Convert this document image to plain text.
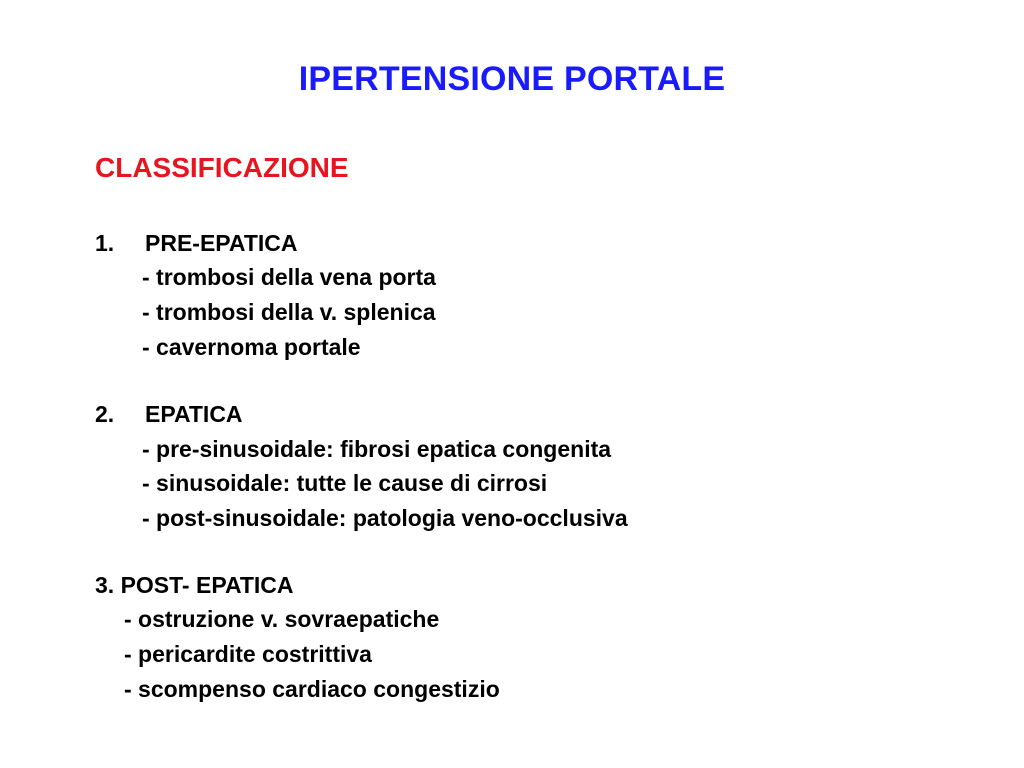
IPERTENSIONE PORTALE
CLASSIFICAZIONE
1. PRE-EPATICA
- trombosi della vena porta
- trombosi della v. splenica
- cavernoma portale
2. EPATICA
- pre-sinusoidale: fibrosi epatica congenita
- sinusoidale: tutte le cause di cirrosi
- post-sinusoidale: patologia veno-occlusiva
3. POST- EPATICA
- ostruzione v. sovraepatiche
- pericardite costrittiva
- scompenso cardiaco congestizio
